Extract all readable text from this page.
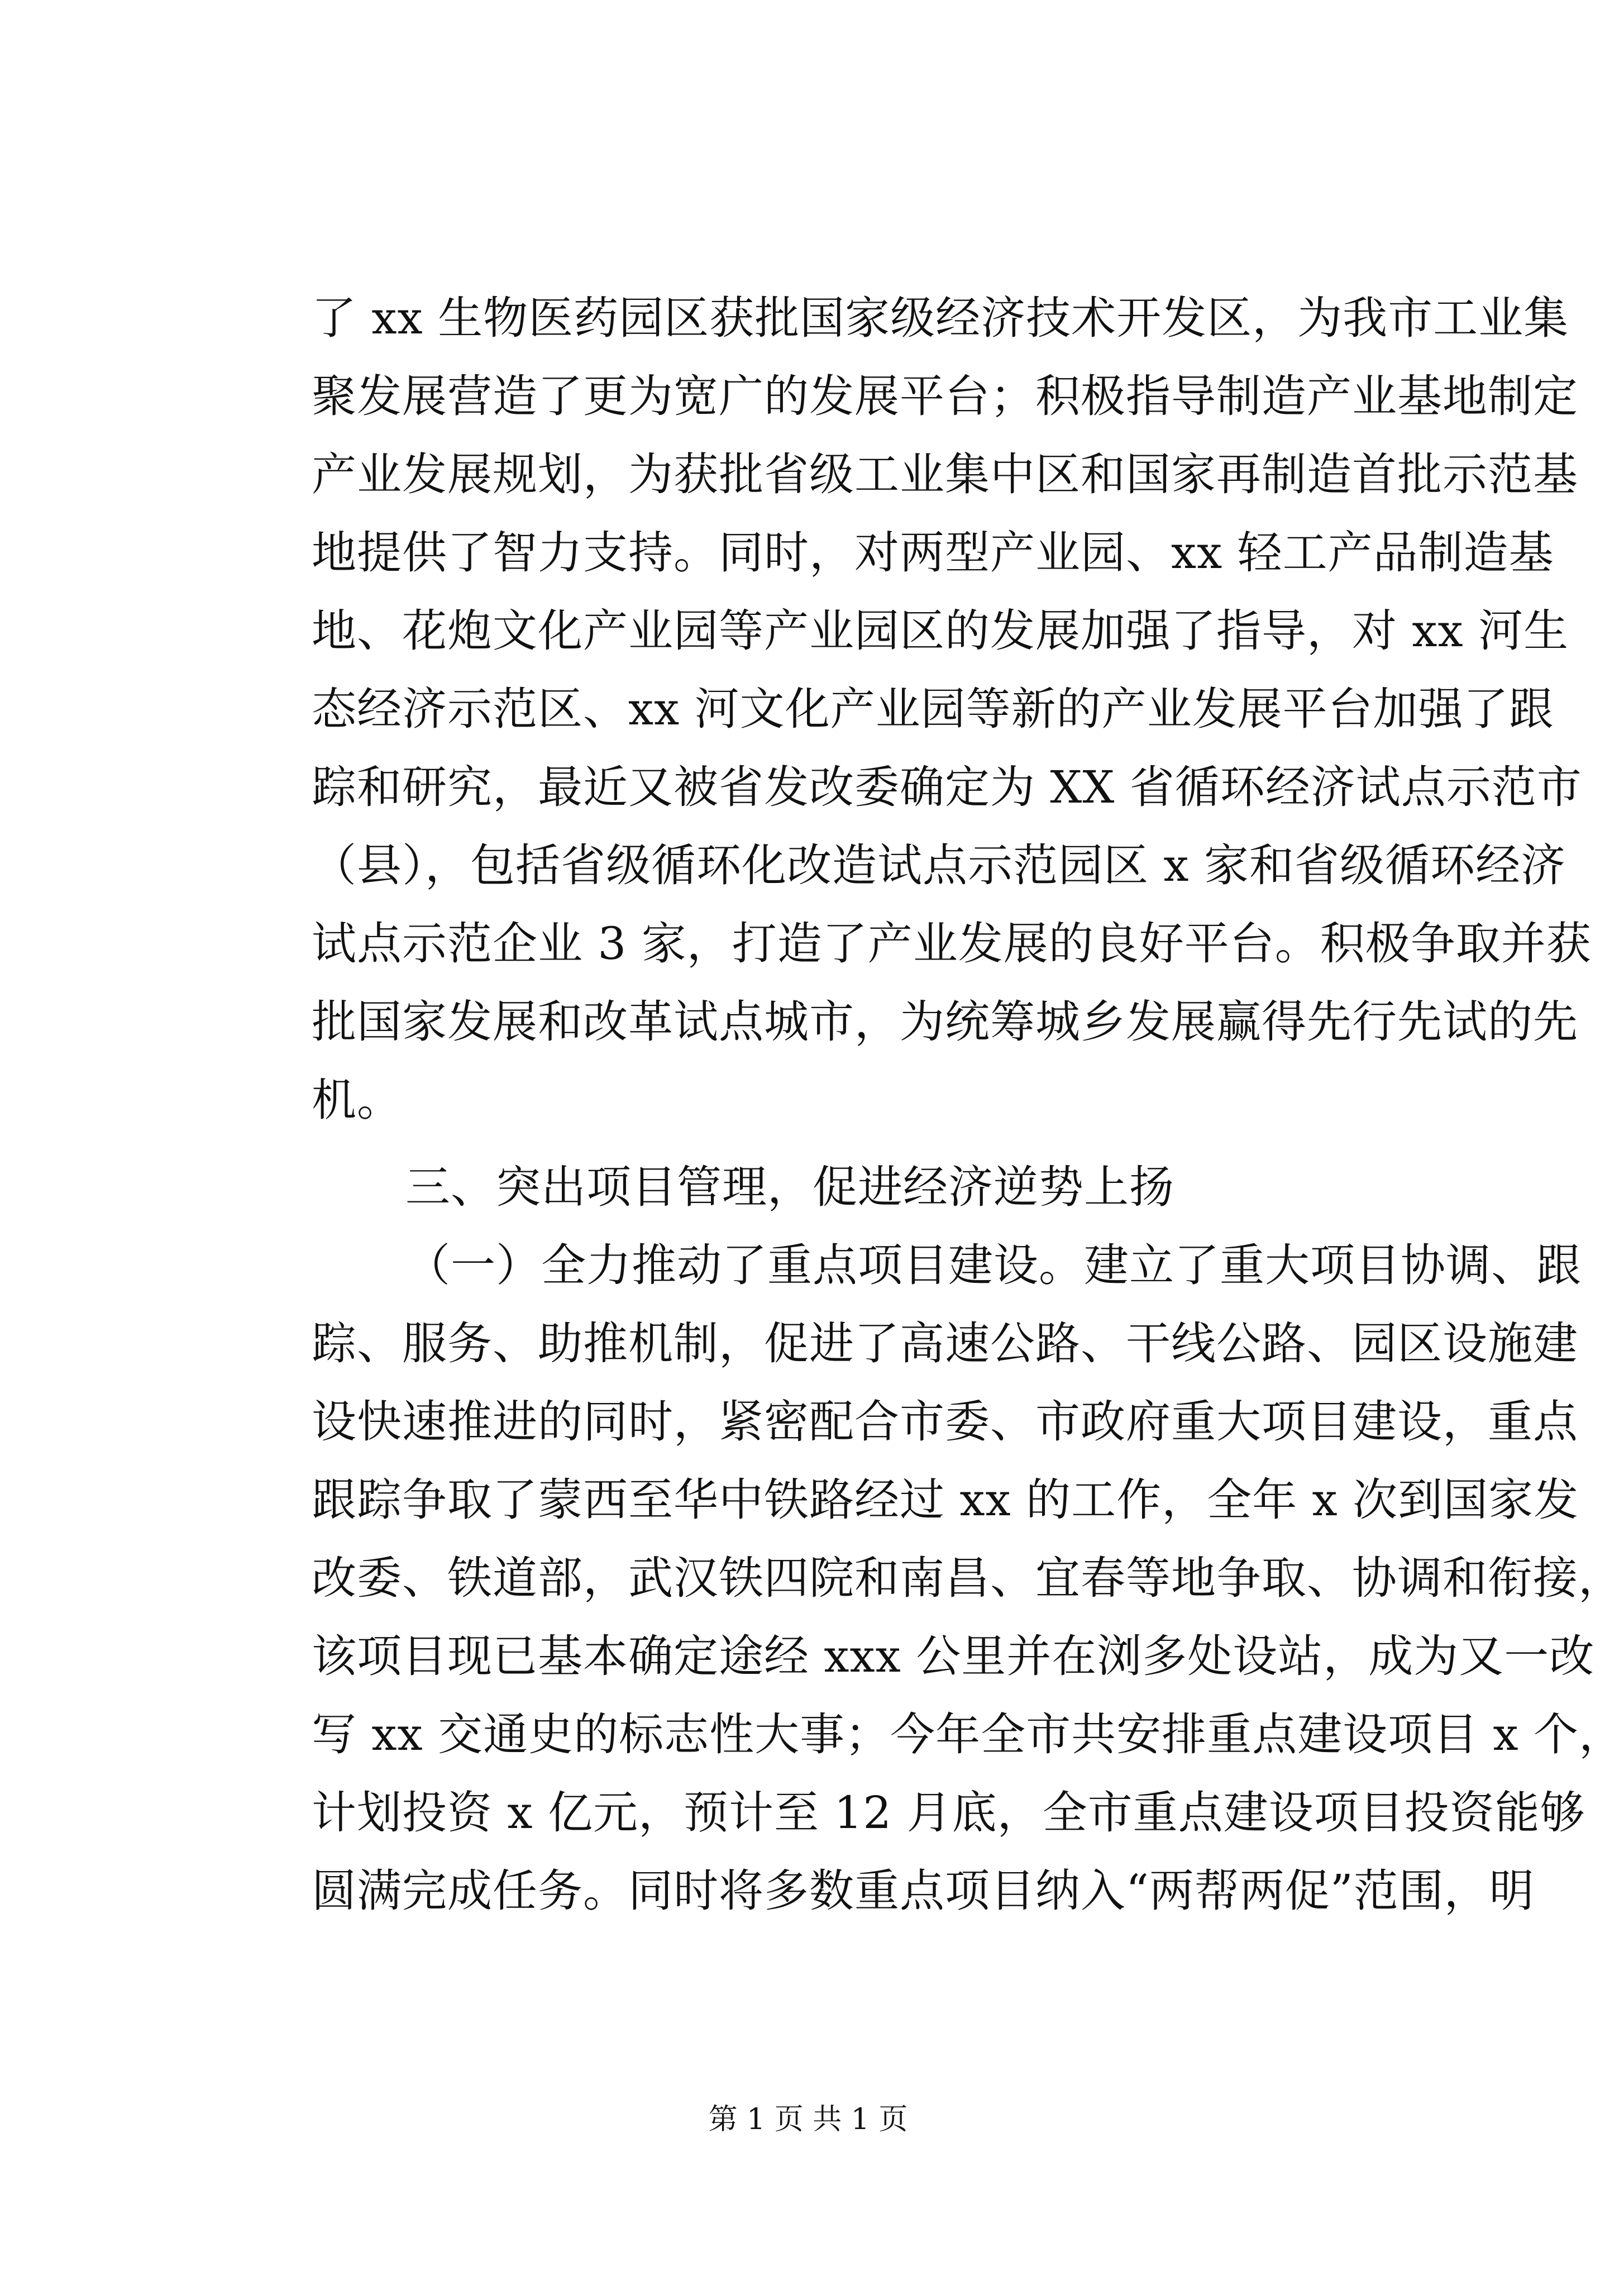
了 xx 生物医药园区获批国家级经济技术开发区，为我市工业集
聚发展营造了更为宽广的发展平台；积极指导制造产业基地制定
产业发展规划，为获批省级工业集中区和国家再制造首批示范基
地提供了智力支持。同时，对两型产业园、xx 轻工产品制造基
地、花炮文化产业园等产业园区的发展加强了指导，对 xx 河生
态经济示范区、xx 河文化产业园等新的产业发展平台加强了跟
踪和研究，最近又被省发改委确定为 XX 省循环经济试点示范市
（县），包括省级循环化改造试点示范园区 x 家和省级循环经济
试点示范企业 3 家，打造了产业发展的良好平台。积极争取并获
批国家发展和改革试点城市，为统筹城乡发展赢得先行先试的先
机。
三、突出项目管理，促进经济逆势上扬
（一）全力推动了重点项目建设。建立了重大项目协调、跟
踪、服务、助推机制，促进了高速公路、干线公路、园区设施建
设快速推进的同时，紧密配合市委、市政府重大项目建设，重点
跟踪争取了蒙西至华中铁路经过 xx 的工作，全年 x 次到国家发
改委、铁道部，武汉铁四院和南昌、宜春等地争取、协调和衔接，
该项目现已基本确定途经 xxx 公里并在浏多处设站，成为又一改
写 xx 交通史的标志性大事；今年全市共安排重点建设项目 x 个，
计划投资 x 亿元，预计至 12 月底，全市重点建设项目投资能够
圆满完成任务。同时将多数重点项目纳入“两帮两促”范围，明
第 1 页 共 1 页
